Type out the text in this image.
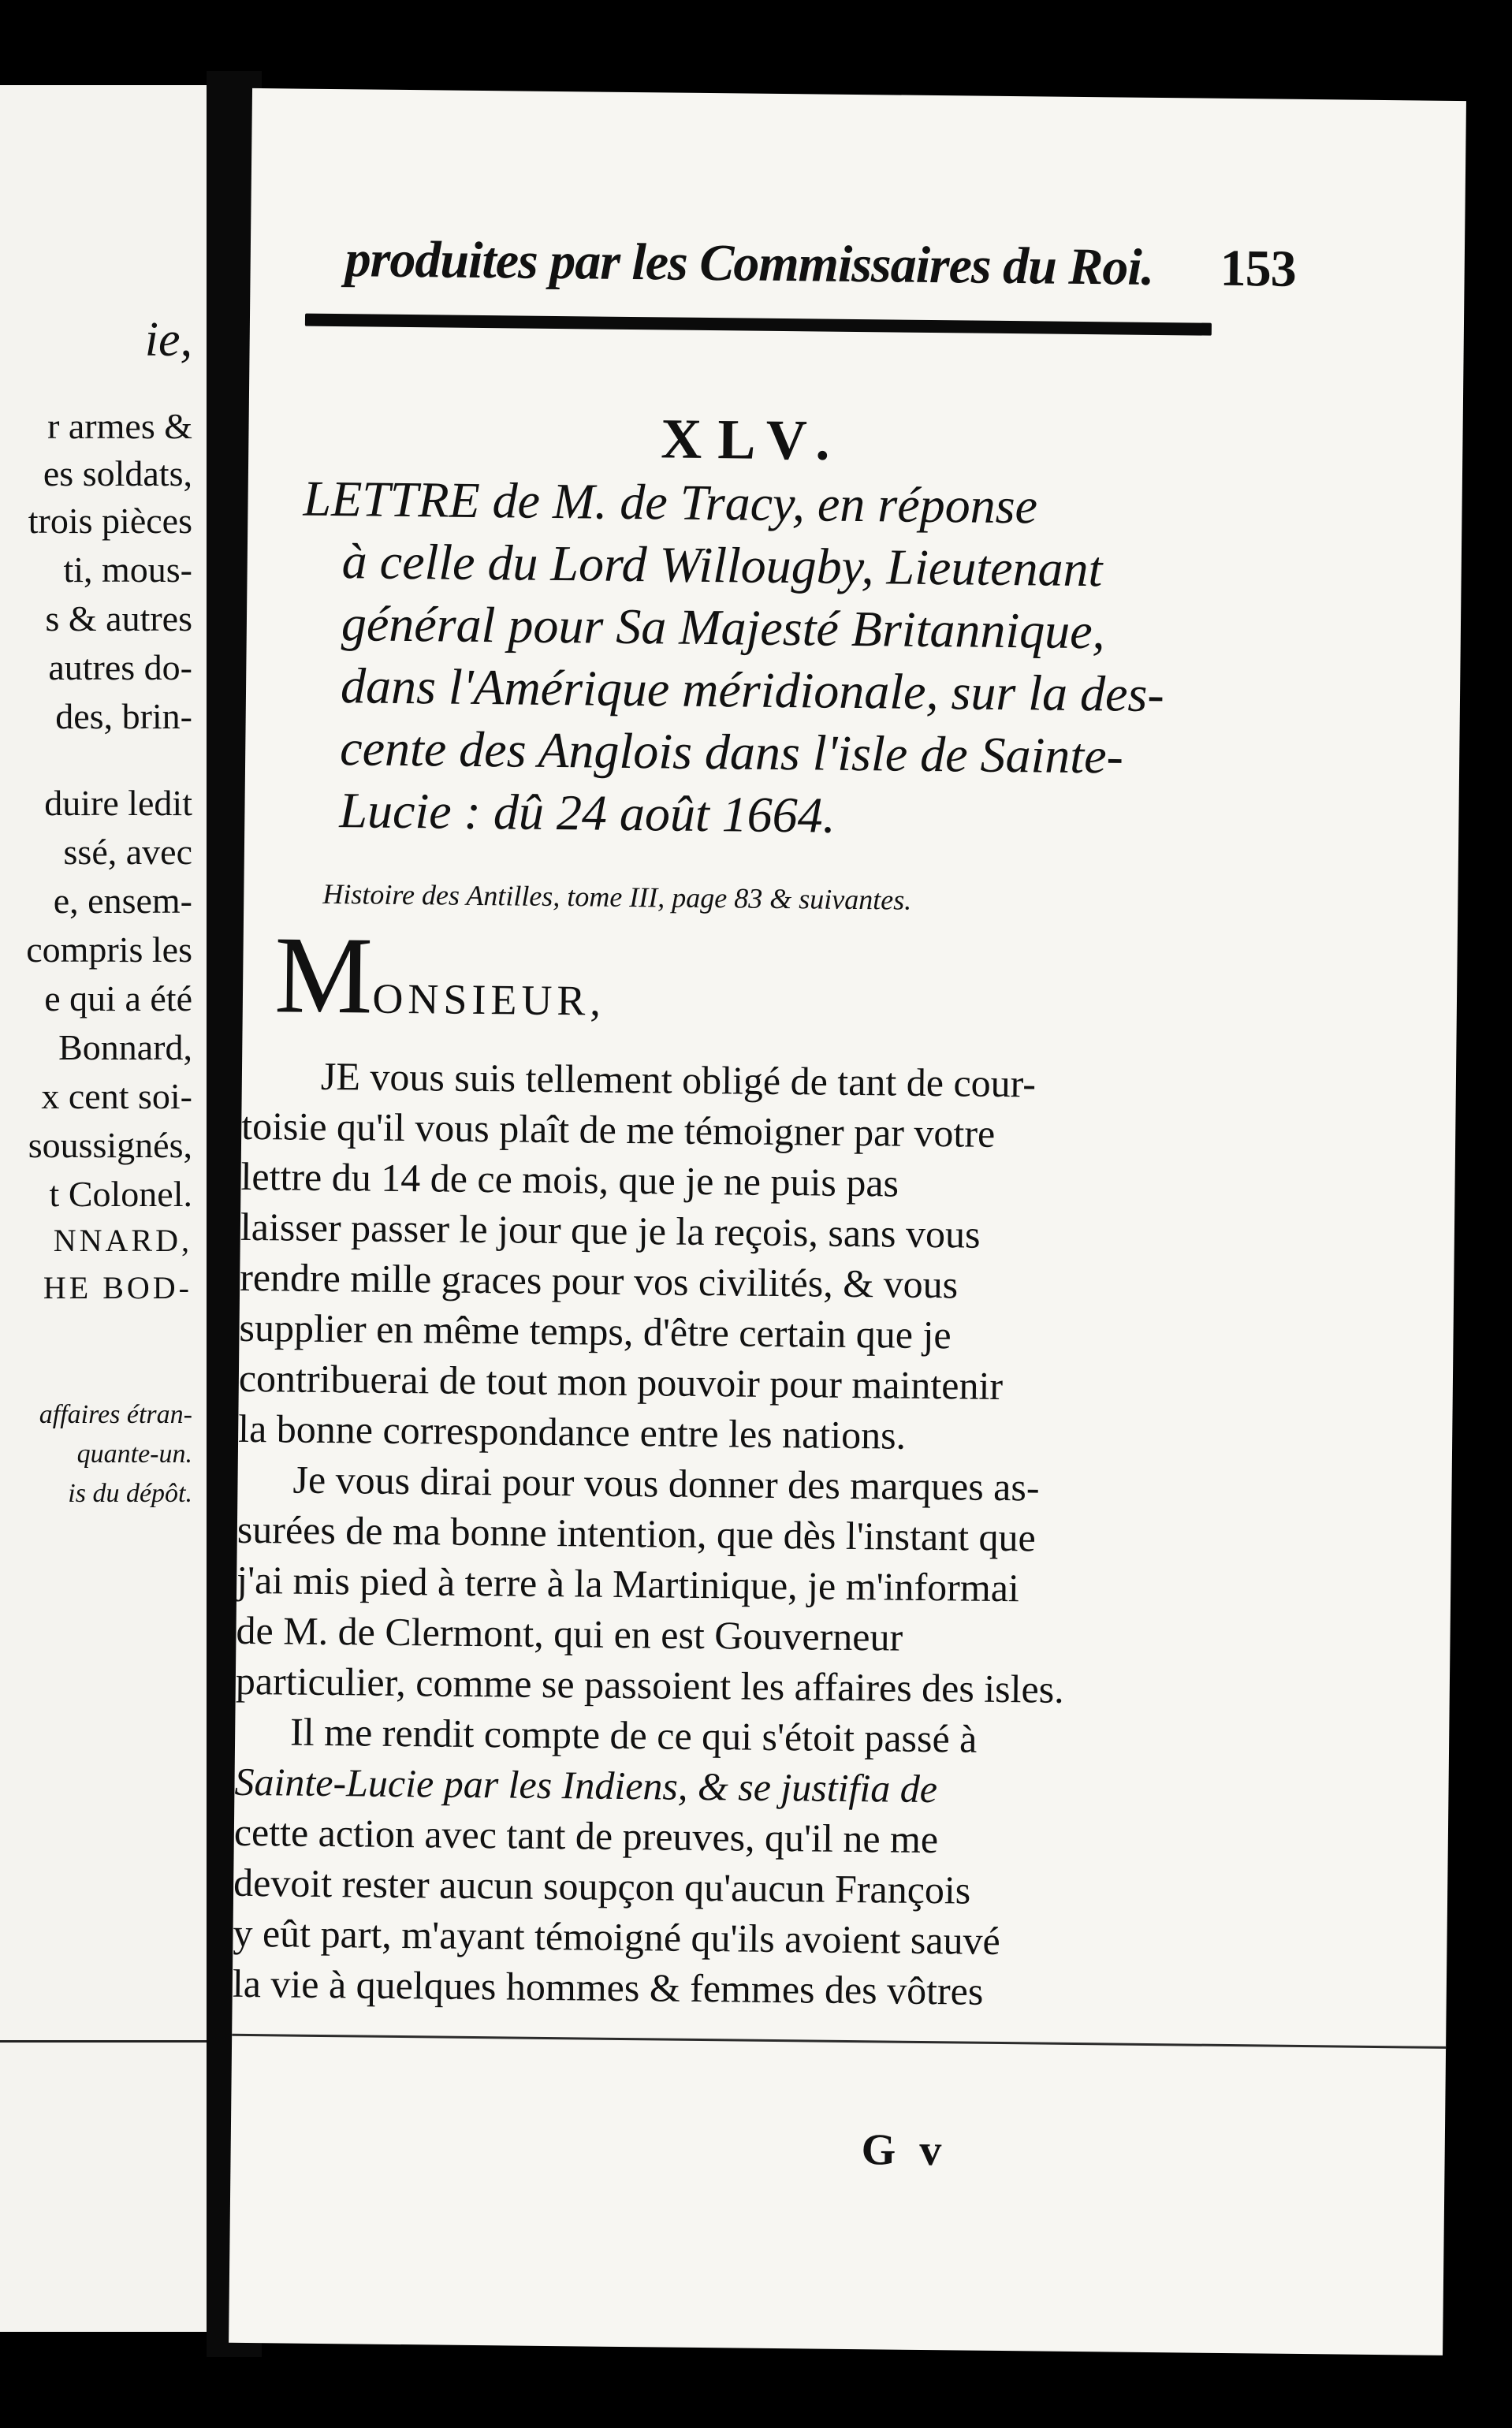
ie,
r armes &
es soldats,
trois pièces
ti, mous-
s & autres
autres do-
des, brin-
duire ledit
ssé, avec
e, ensem-
compris les
e qui a été
Bonnard,
x cent soi-
soussignés,
t Colonel.
NNARD,
HE BOD-
affaires étran-
quante-un.
is du dépôt.
produites par les Commissaires du Roi. 153
XLV.
LETTRE de M. de Tracy, en réponse
à celle du Lord Willougby, Lieutenant
général pour Sa Majesté Britannique,
dans l'Amérique méridionale, sur la des-
cente des Anglois dans l'isle de Sainte-
Lucie : dû 24 août 1664.
Histoire des Antilles, tome III, page 83 & suivantes.
MONSIEUR,
JE vous suis tellement obligé de tant de cour-
toisie qu'il vous plaît de me témoigner par votre
lettre du 14 de ce mois, que je ne puis pas
laisser passer le jour que je la reçois, sans vous
rendre mille graces pour vos civilités, & vous
supplier en même temps, d'être certain que je
contribuerai de tout mon pouvoir pour maintenir
la bonne correspondance entre les nations.
Je vous dirai pour vous donner des marques as-
surées de ma bonne intention, que dès l'instant que
j'ai mis pied à terre à la Martinique, je m'informai
de M. de Clermont, qui en est Gouverneur
particulier, comme se passoient les affaires des isles.
Il me rendit compte de ce qui s'étoit passé à
Sainte-Lucie par les Indiens, & se justifia de
cette action avec tant de preuves, qu'il ne me
devoit rester aucun soupçon qu'aucun François
y eût part, m'ayant témoigné qu'ils avoient sauvé
la vie à quelques hommes & femmes des vôtres
G v
